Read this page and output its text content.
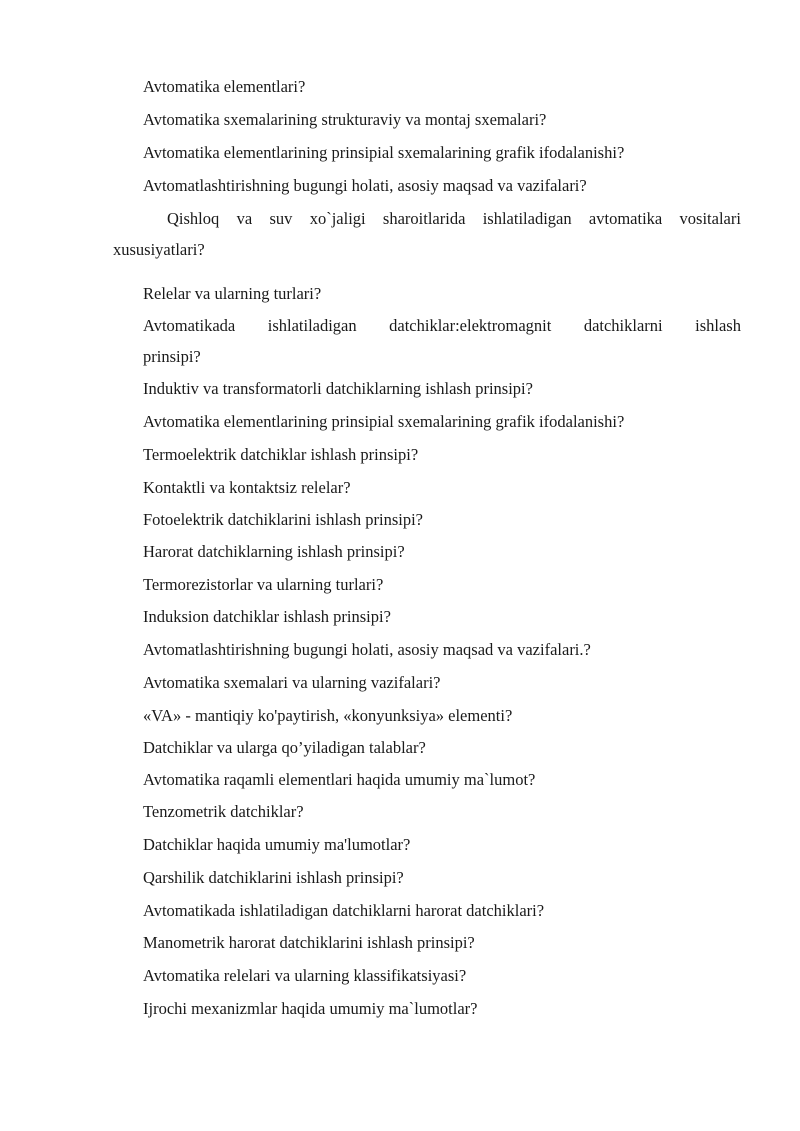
Avtomatika elementlari?
Avtomatika sxemalarining strukturaviy va montaj sxemalari?
Avtomatika elementlarining prinsipial sxemalarining grafik ifodalanishi?
Avtomatlashtirishning bugungi holati, asosiy maqsad va vazifalari?
Qishloq va suv xo`jaligi sharoitlarida ishlatiladigan avtomatika vositalari
xususiyatlari?
Relelar va ularning turlari?
Avtomatikada ishlatiladigan datchiklar:elektromagnit datchiklarni ishlash
prinsipi?
Induktiv va transformatorli datchiklarning ishlash prinsipi?
Avtomatika elementlarining prinsipial sxemalarining grafik ifodalanishi?
Termoelektrik datchiklar ishlash prinsipi?
Kontaktli va kontaktsiz relelar?
Fotoelektrik datchiklarini ishlash prinsipi?
Harorat datchiklarning ishlash prinsipi?
Termorezistorlar va ularning turlari?
Induksion datchiklar ishlash prinsipi?
Avtomatlashtirishning bugungi holati, asosiy maqsad va vazifalari.?
Avtomatika sxemalari va ularning vazifalari?
«VA» - mantiqiy ko'paytirish, «konyunksiya» elementi?
Datchiklar va ularga qo’yiladigan talablar?
Avtomatika raqamli elementlari haqida umumiy ma`lumot?
Tenzometrik datchiklar?
Datchiklar haqida umumiy ma'lumotlar?
Qarshilik datchiklarini ishlash prinsipi?
Avtomatikada ishlatiladigan datchiklarni harorat datchiklari?
Manometrik harorat datchiklarini ishlash prinsipi?
Avtomatika relelari va ularning klassifikatsiyasi?
Ijrochi mexanizmlar haqida umumiy ma`lumotlar?
